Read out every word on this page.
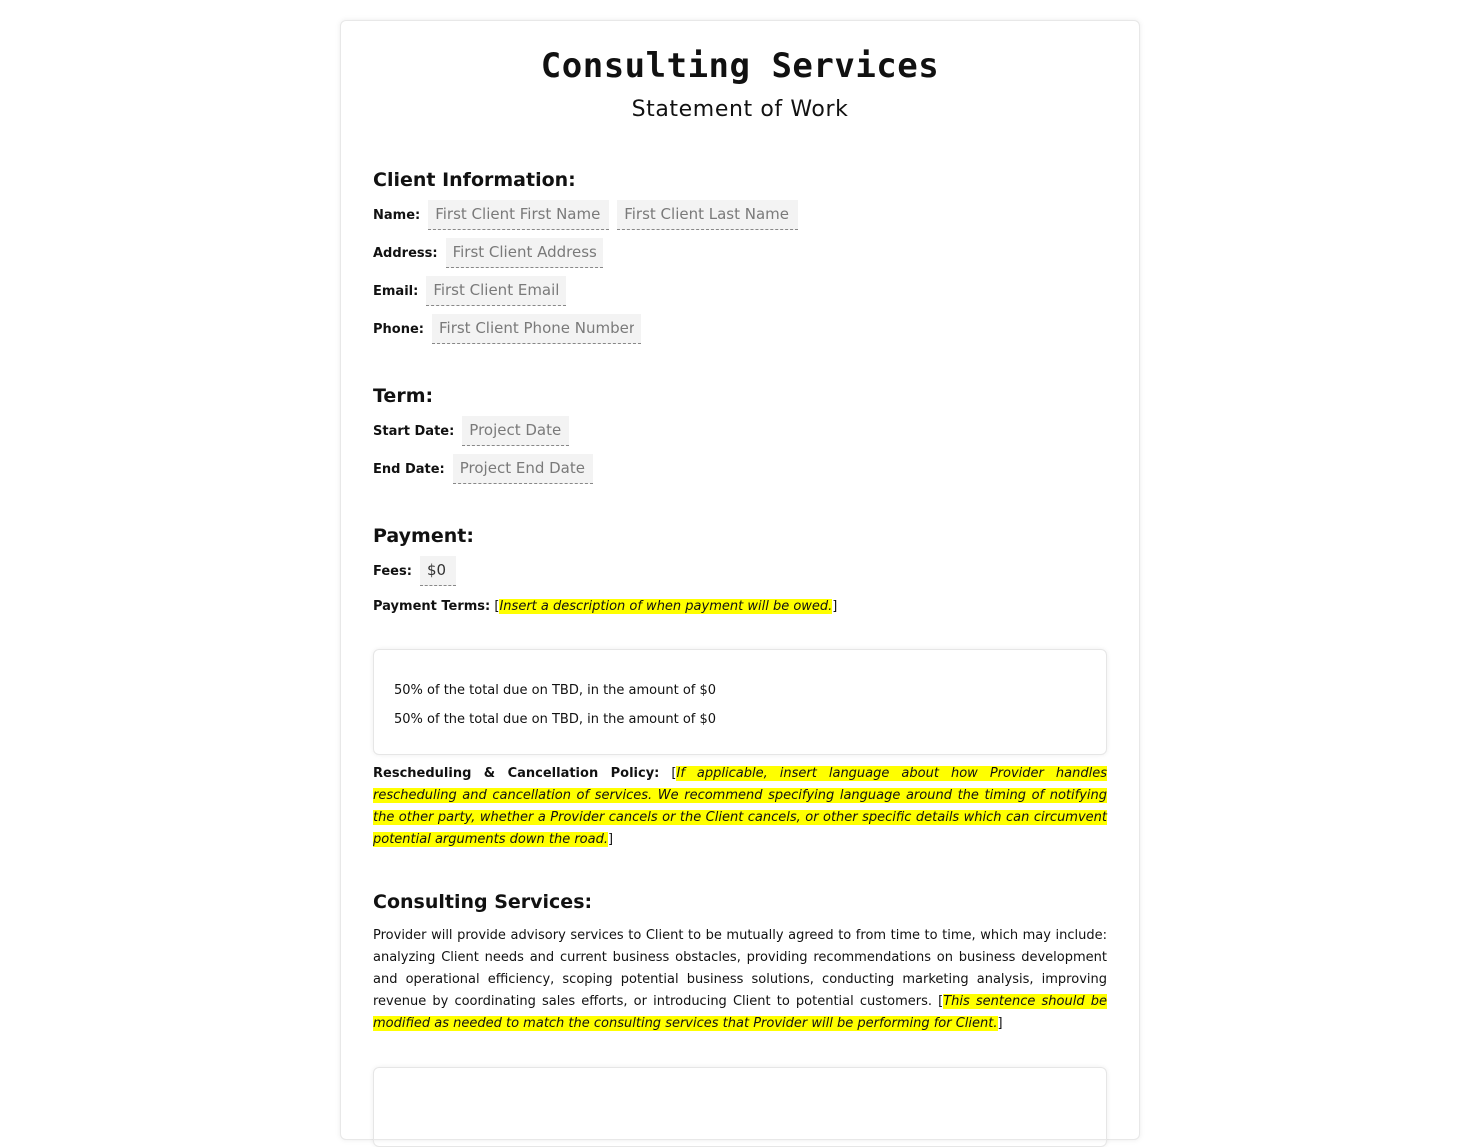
Consulting Services
Statement of Work
Client Information:
Name:
First Client First Name
First Client Last Name
Address:
First Client Address
Email:
First Client Email
Phone:
First Client Phone Number
Term:
Start Date:
Project Date
End Date:
Project End Date
Payment:
Fees:
$0
Payment Terms: [Insert a description of when payment will be owed.]
50% of the total due on TBD, in the amount of $0
50% of the total due on TBD, in the amount of $0
Rescheduling & Cancellation Policy: [If applicable, insert language about how Provider handles rescheduling and cancellation of services. We recommend specifying language around the timing of notifying the other party, whether a Provider cancels or the Client cancels, or other specific details which can circumvent potential arguments down the road.]
Consulting Services:
Provider will provide advisory services to Client to be mutually agreed to from time to time, which may include: analyzing Client needs and current business obstacles, providing recommendations on business development and operational efficiency, scoping potential business solutions, conducting marketing analysis, improving revenue by coordinating sales efforts, or introducing Client to potential customers. [This sentence should be modified as needed to match the consulting services that Provider will be performing for Client.]
